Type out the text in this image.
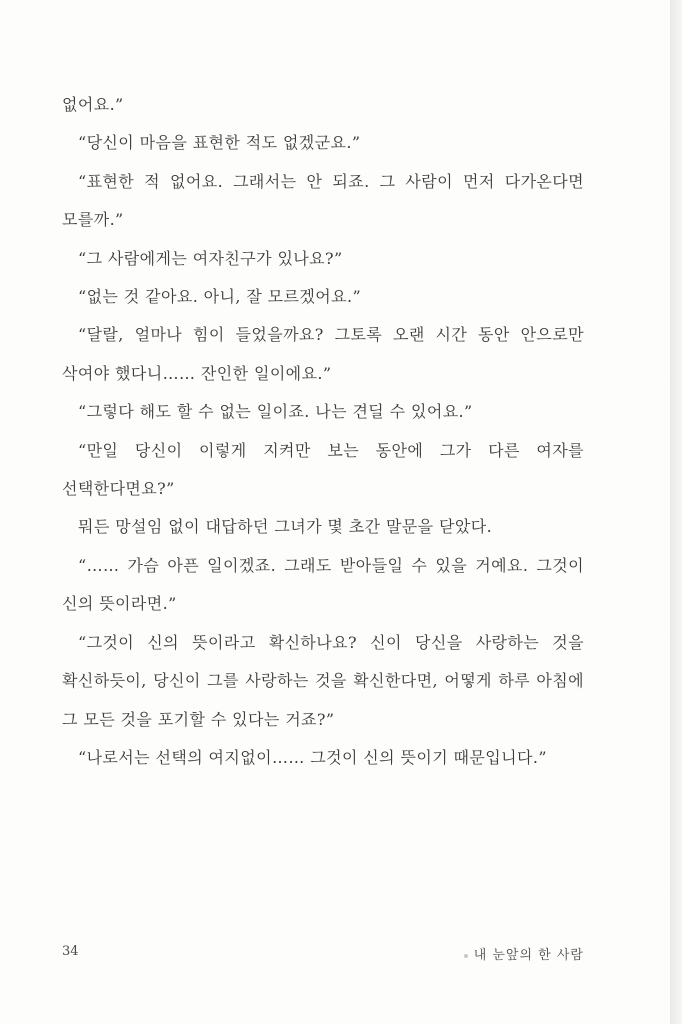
없어요.”

“당신이 마음을 표현한 적도 없겠군요.”

“표현한 적 없어요. 그래서는 안 되죠. 그 사람이 먼저 다가온다면 모를까.”

“그 사람에게는 여자친구가 있나요?”

“없는 것 같아요. 아니, 잘 모르겠어요.”

“달랄, 얼마나 힘이 들었을까요? 그토록 오랜 시간 동안 안으로만 삭여야 했다니…… 잔인한 일이에요.”

“그렇다 해도 할 수 없는 일이죠. 나는 견딜 수 있어요.”

“만일 당신이 이렇게 지켜만 보는 동안에 그가 다른 여자를 선택한다면요?”

뭐든 망설임 없이 대답하던 그녀가 몇 초간 말문을 닫았다.

“…… 가슴 아픈 일이겠죠. 그래도 받아들일 수 있을 거예요. 그것이 신의 뜻이라면.”

“그것이 신의 뜻이라고 확신하나요? 신이 당신을 사랑하는 것을 확신하듯이, 당신이 그를 사랑하는 것을 확신한다면, 어떻게 하루 아침에 그 모든 것을 포기할 수 있다는 거죠?”

“나로서는 선택의 여지없이…… 그것이 신의 뜻이기 때문입니다.”

34	내 눈앞의 한 사람
